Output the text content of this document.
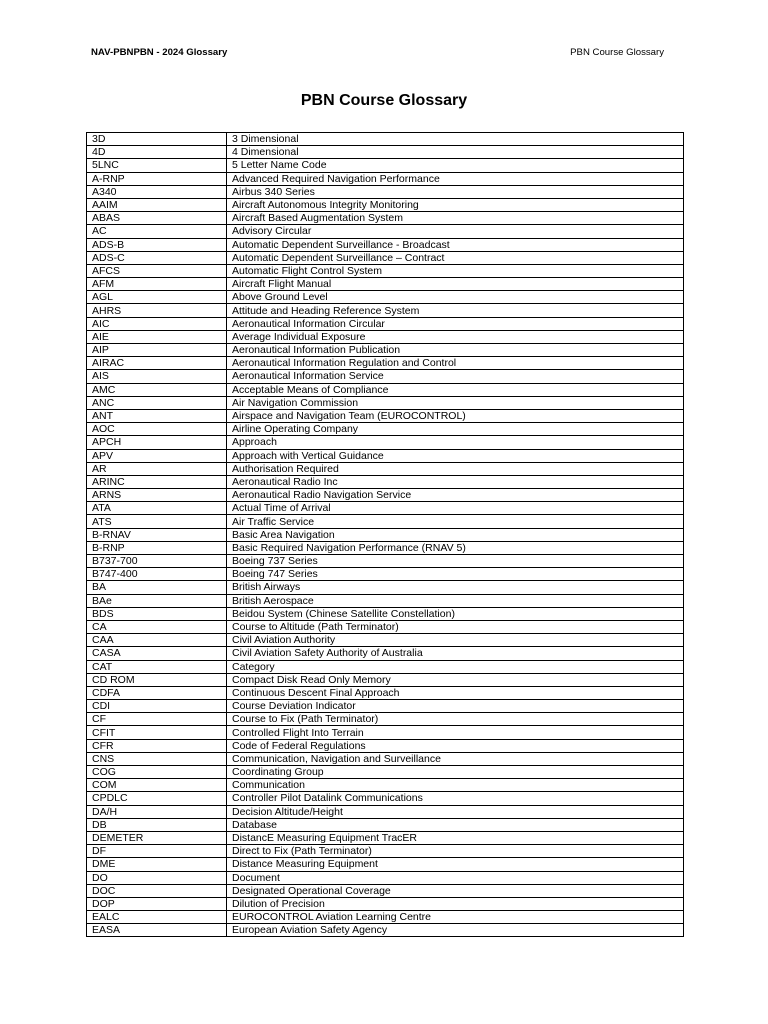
NAV-PBNPBN - 2024 Glossary	PBN Course Glossary
PBN Course Glossary
3D	3 Dimensional
4D	4 Dimensional
5LNC	5 Letter Name Code
A-RNP	Advanced Required Navigation Performance
A340	Airbus 340 Series
AAIM	Aircraft Autonomous Integrity Monitoring
ABAS	Aircraft Based Augmentation System
AC	Advisory Circular
ADS-B	Automatic Dependent Surveillance - Broadcast
ADS-C	Automatic Dependent Surveillance – Contract
AFCS	Automatic Flight Control System
AFM	Aircraft Flight Manual
AGL	Above Ground Level
AHRS	Attitude and Heading Reference System
AIC	Aeronautical Information Circular
AIE	Average Individual Exposure
AIP	Aeronautical Information Publication
AIRAC	Aeronautical Information Regulation and Control
AIS	Aeronautical Information Service
AMC	Acceptable Means of Compliance
ANC	Air Navigation Commission
ANT	Airspace and Navigation Team (EUROCONTROL)
AOC	Airline Operating Company
APCH	Approach
APV	Approach with Vertical Guidance
AR	Authorisation Required
ARINC	Aeronautical Radio Inc
ARNS	Aeronautical Radio Navigation Service
ATA	Actual Time of Arrival
ATS	Air Traffic Service
B-RNAV	Basic Area Navigation
B-RNP	Basic Required Navigation Performance (RNAV 5)
B737-700	Boeing 737 Series
B747-400	Boeing 747 Series
BA	British Airways
BAe	British Aerospace
BDS	Beidou System (Chinese Satellite Constellation)
CA	Course to Altitude (Path Terminator)
CAA	Civil Aviation Authority
CASA	Civil Aviation Safety Authority of Australia
CAT	Category
CD ROM	Compact Disk Read Only Memory
CDFA	Continuous Descent Final Approach
CDI	Course Deviation Indicator
CF	Course to Fix (Path Terminator)
CFIT	Controlled Flight Into Terrain
CFR	Code of Federal Regulations
CNS	Communication, Navigation and Surveillance
COG	Coordinating Group
COM	Communication
CPDLC	Controller Pilot Datalink Communications
DA/H	Decision Altitude/Height
DB	Database
DEMETER	DistancE Measuring Equipment TracER
DF	Direct to Fix (Path Terminator)
DME	Distance Measuring Equipment
DO	Document
DOC	Designated Operational Coverage
DOP	Dilution of Precision
EALC	EUROCONTROL Aviation Learning Centre
EASA	European Aviation Safety Agency
